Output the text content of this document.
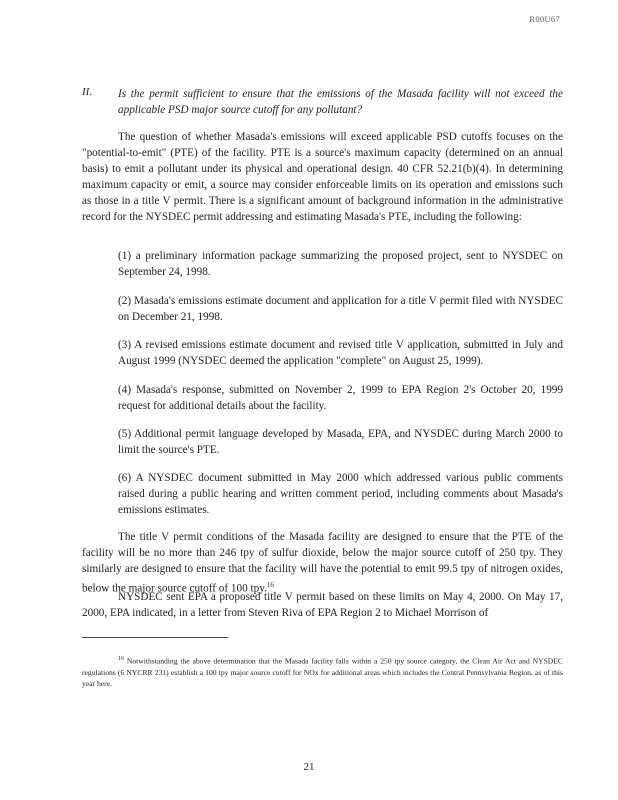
R00U67
II. Is the permit sufficient to ensure that the emissions of the Masada facility will not exceed the applicable PSD major source cutoff for any pollutant?
The question of whether Masada's emissions will exceed applicable PSD cutoffs focuses on the "potential-to-emit" (PTE) of the facility. PTE is a source's maximum capacity (determined on an annual basis) to emit a pollutant under its physical and operational design. 40 CFR 52.21(b)(4). In determining maximum capacity or emit, a source may consider enforceable limits on its operation and emissions such as those in a title V permit. There is a significant amount of background information in the administrative record for the NYSDEC permit addressing and estimating Masada's PTE, including the following:
(1) a preliminary information package summarizing the proposed project, sent to NYSDEC on September 24, 1998.
(2) Masada's emissions estimate document and application for a title V permit filed with NYSDEC on December 21, 1998.
(3) A revised emissions estimate document and revised title V application, submitted in July and August 1999 (NYSDEC deemed the application "complete" on August 25, 1999).
(4) Masada's response, submitted on November 2, 1999 to EPA Region 2's October 20, 1999 request for additional details about the facility.
(5) Additional permit language developed by Masada, EPA, and NYSDEC during March 2000 to limit the source's PTE.
(6) A NYSDEC document submitted in May 2000 which addressed various public comments raised during a public hearing and written comment period, including comments about Masada's emissions estimates.
The title V permit conditions of the Masada facility are designed to ensure that the PTE of the facility will be no more than 246 tpy of sulfur dioxide, below the major source cutoff of 250 tpy. They similarly are designed to ensure that the facility will have the potential to emit 99.5 tpy of nitrogen oxides, below the major source cutoff of 100 tpy.$^{16}$
NYSDEC sent EPA a proposed title V permit based on these limits on May 4, 2000. On May 17, 2000, EPA indicated, in a letter from Steven Riva of EPA Region 2 to Michael Morrison of
$^{16}$ Notwithstanding the above determination that the Masada facility falls within a 250 tpy source category, the Clean Air Act and NYSDEC regulations (6 NYCRR 231) establish a 100 tpy major source cutoff for NOx for additional areas which includes the Central Pennsylvania Region, as of this year here.
21
